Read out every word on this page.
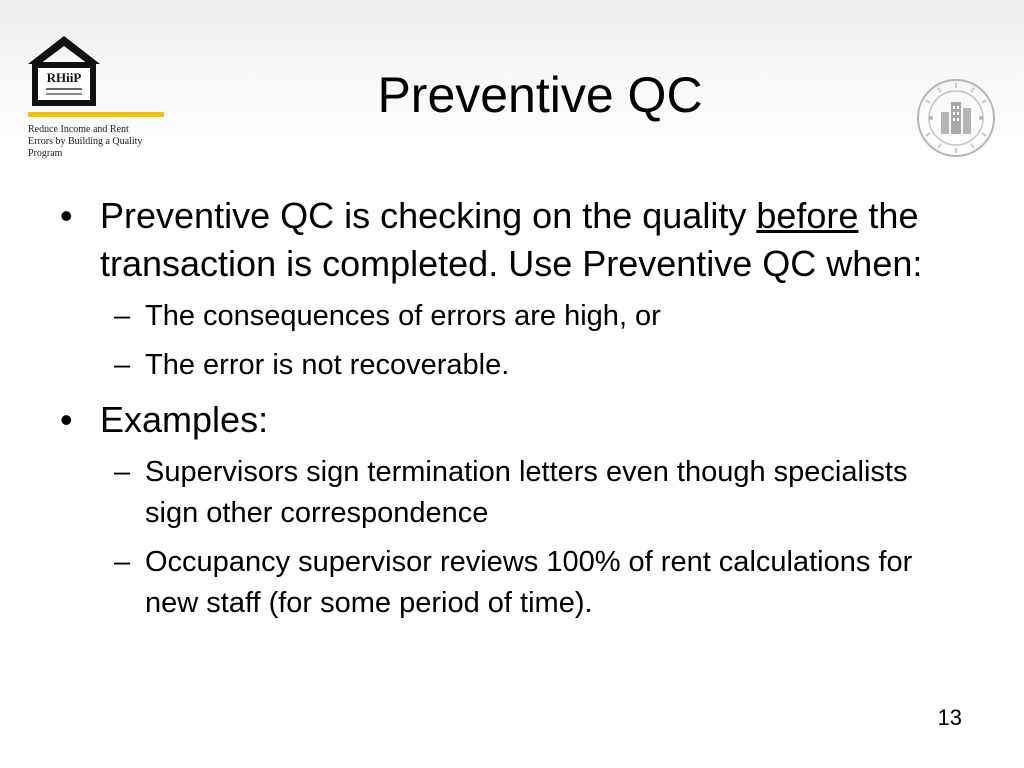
RHiiP
Reduce Income and Rent
Errors by Building a Quality
Program
Preventive QC
• Preventive QC is checking on the quality before the transaction is completed. Use Preventive QC when:
– The consequences of errors are high, or
– The error is not recoverable.
• Examples:
– Supervisors sign termination letters even though specialists sign other correspondence
– Occupancy supervisor reviews 100% of rent calculations for new staff (for some period of time).
13
